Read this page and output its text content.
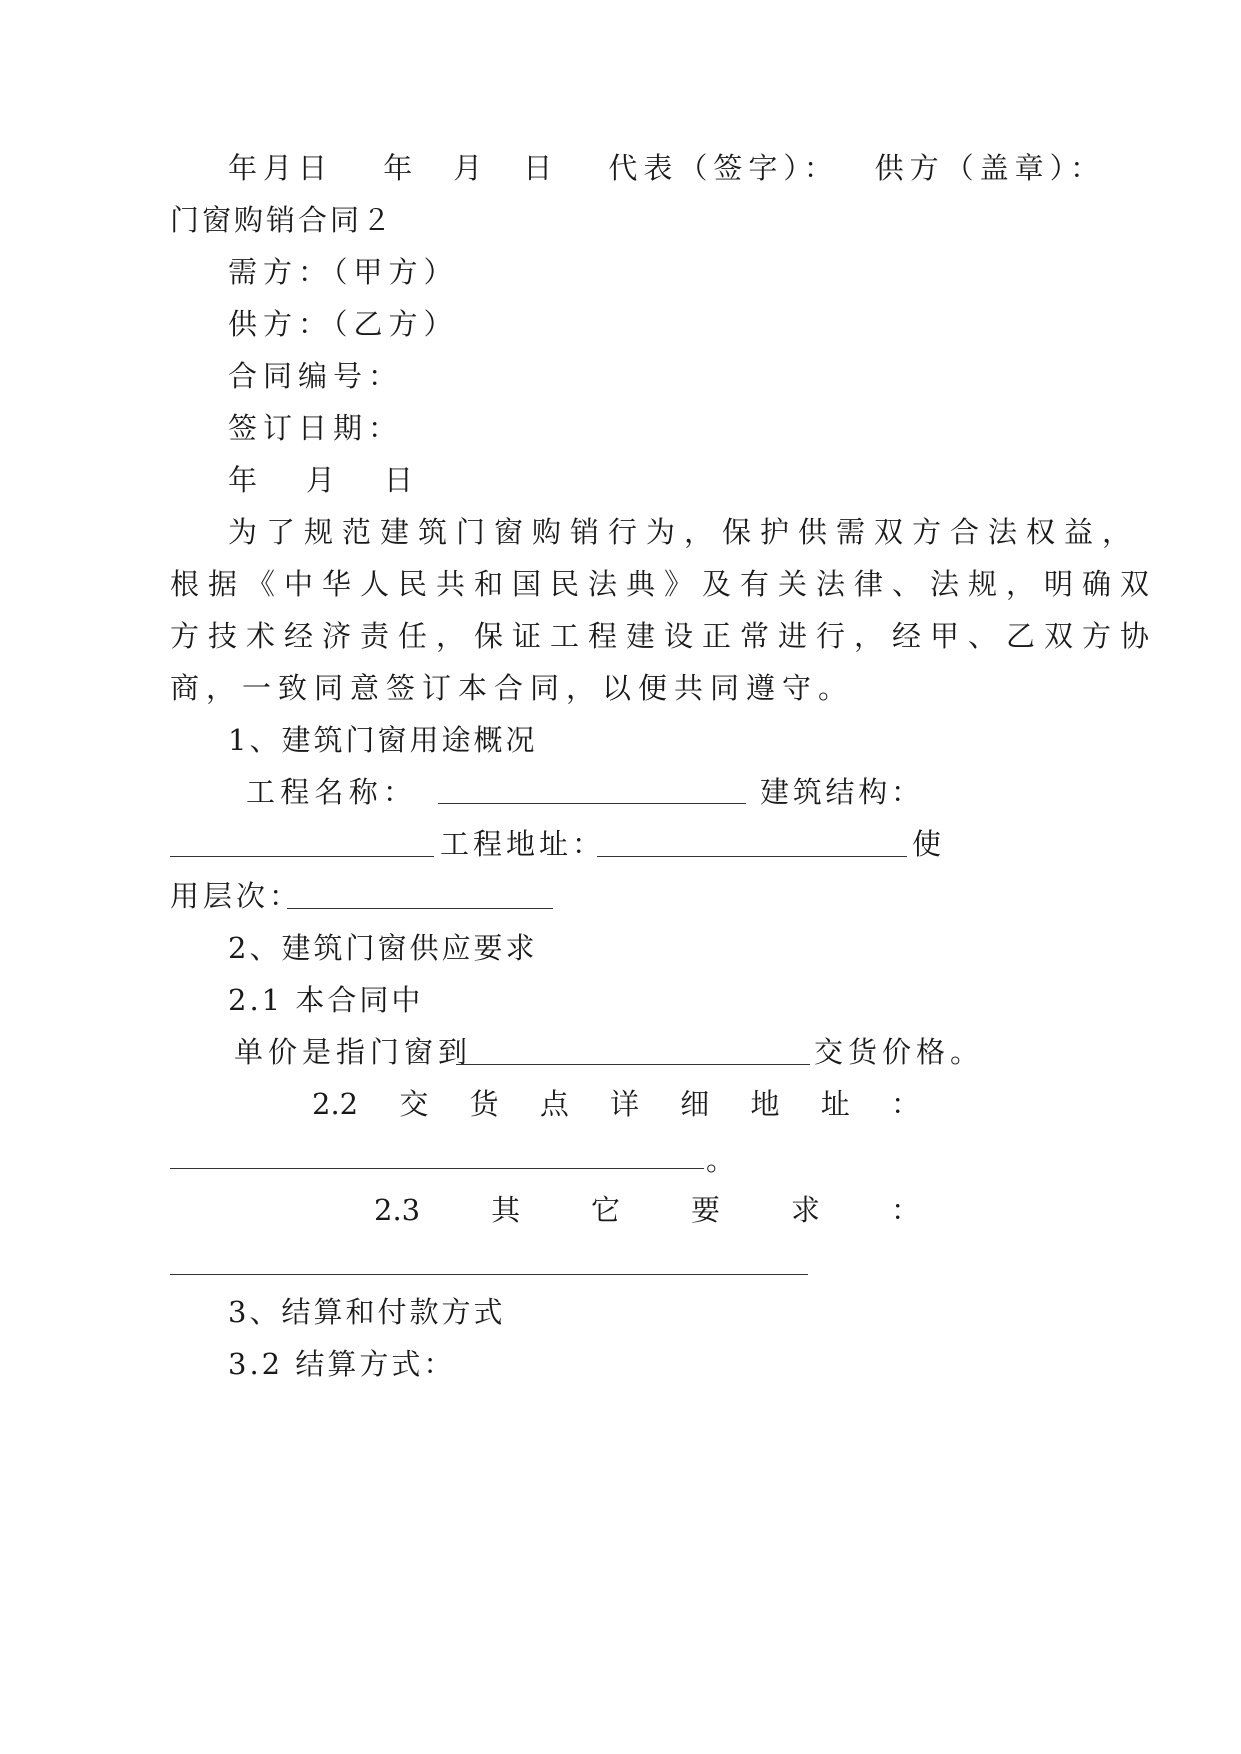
年月日　 年　月　日　 代表（签字）：　 供方（盖章）：
门窗购销合同２
需方：（甲方）
供方：（乙方）
合同编号：
签订日期：
年　月　日
为了规范建筑门窗购销行为，保护供需双方合法权益，
根据《中华人民共和国民法典》及有关法律、法规，明确双
方技术经济责任，保证工程建设正常进行，经甲、乙双方协
商，一致同意签订本合同，以便共同遵守。
1、建筑门窗用途概况
工 程 名 称 ：	建 筑 结 构 ：
工程地址：	使
用层次：
2、建筑门窗供应要求
2.1 本合同中
单价是指门窗到	交货价格。
2.2 交 货 点 详 细 地 址 ：
。
2.3 其 它 要 求 ：
3、结算和付款方式
3.2 结算方式：
